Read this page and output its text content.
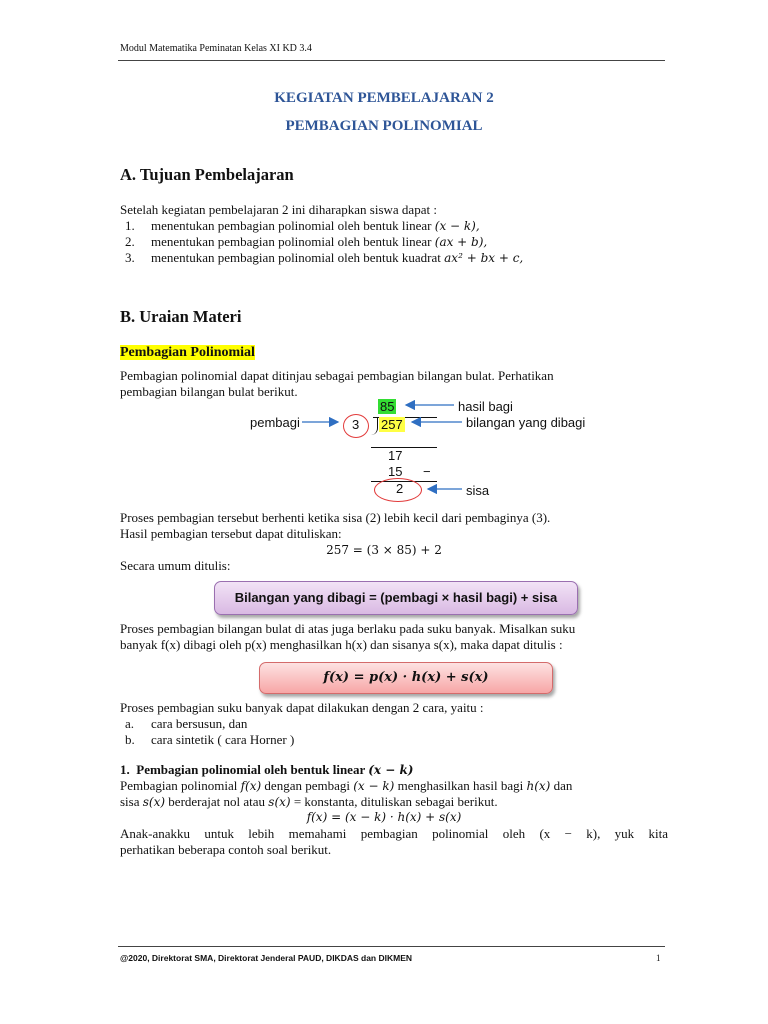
Modul Matematika Peminatan Kelas XI KD 3.4
KEGIATAN PEMBELAJARAN 2
PEMBAGIAN POLINOMIAL
A. Tujuan Pembelajaran
Setelah kegiatan pembelajaran 2 ini diharapkan siswa dapat :
1. menentukan pembagian polinomial oleh bentuk linear (x − k),
2. menentukan pembagian polinomial oleh bentuk linear (ax + b),
3. menentukan pembagian polinomial oleh bentuk kuadrat ax² + bx + c,
B. Uraian Materi
Pembagian Polinomial
Pembagian polinomial dapat ditinjau sebagai pembagian bilangan bulat. Perhatikan
pembagian bilangan bulat berikut.
85
257
3
pembagi
hasil bagi
bilangan yang dibagi
17
15 −
2	sisa
Proses pembagian tersebut berhenti ketika sisa (2) lebih kecil dari pembaginya (3).
Hasil pembagian tersebut dapat dituliskan:
257 = (3 × 85) + 2
Secara umum ditulis:
Bilangan yang dibagi = (pembagi × hasil bagi) + sisa
Proses pembagian bilangan bulat di atas juga berlaku pada suku banyak. Misalkan suku
banyak f(x) dibagi oleh p(x) menghasilkan h(x) dan sisanya s(x), maka dapat ditulis :
f(x) = p(x) · h(x) + s(x)
Proses pembagian suku banyak dapat dilakukan dengan 2 cara, yaitu :
a. cara bersusun, dan
b. cara sintetik ( cara Horner )
1. Pembagian polinomial oleh bentuk linear (x − k)
Pembagian polinomial f(x) dengan pembagi (x − k) menghasilkan hasil bagi h(x) dan
sisa s(x) berderajat nol atau s(x) = konstanta, dituliskan sebagai berikut.
f(x) = (x − k) · h(x) + s(x)
Anak-anakku untuk lebih memahami pembagian polinomial oleh (x − k), yuk kita
perhatikan beberapa contoh soal berikut.
@2020, Direktorat SMA, Direktorat Jenderal PAUD, DIKDAS dan DIKMEN	1
